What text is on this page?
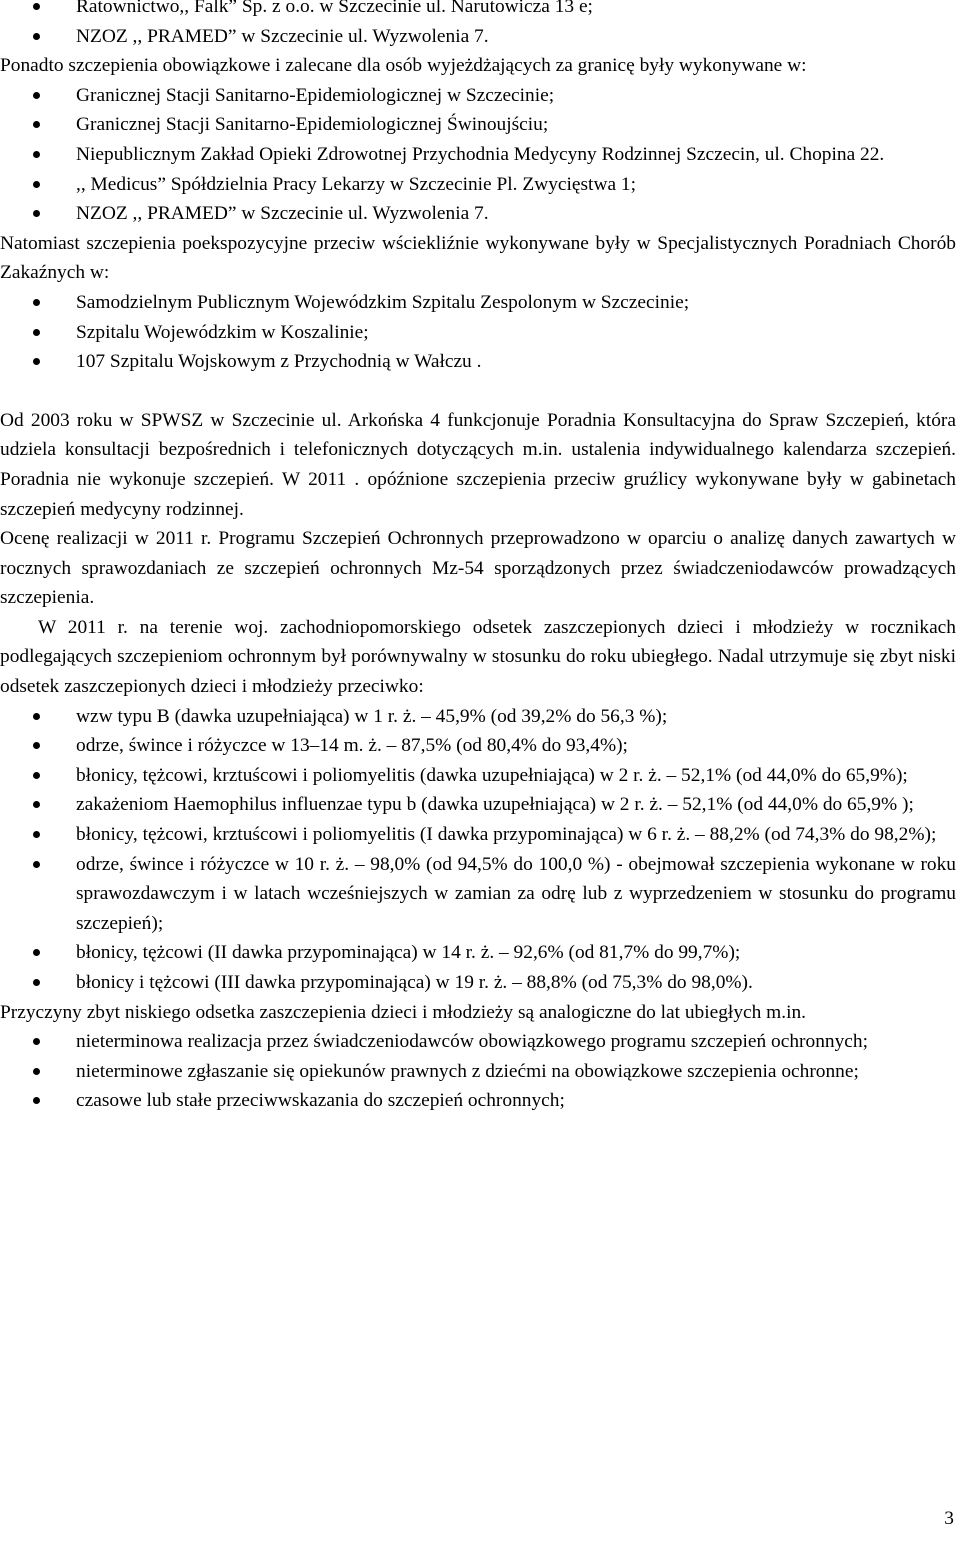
Ratownictwo,, Falk” Sp. z o.o. w Szczecinie ul. Narutowicza 13 e;
NZOZ ,, PRAMED” w Szczecinie ul. Wyzwolenia 7.

Ponadto szczepienia obowiązkowe i zalecane dla osób wyjeżdżających za granicę były wykonywane w:

Granicznej Stacji Sanitarno-Epidemiologicznej w Szczecinie;
Granicznej Stacji Sanitarno-Epidemiologicznej Świnoujściu;
Niepublicznym Zakład Opieki Zdrowotnej Przychodnia Medycyny Rodzinnej Szczecin, ul. Chopina 22.
,, Medicus” Spółdzielnia Pracy Lekarzy w Szczecinie Pl. Zwycięstwa 1;
NZOZ ,, PRAMED” w Szczecinie ul. Wyzwolenia 7.

Natomiast szczepienia poekspozycyjne przeciw wściekliźnie wykonywane były w Specjalistycznych Poradniach Chorób Zakaźnych w:

Samodzielnym Publicznym Wojewódzkim Szpitalu Zespolonym w Szczecinie;
Szpitalu Wojewódzkim w Koszalinie;
107 Szpitalu Wojskowym z Przychodnią w Wałczu .

Od 2003 roku w SPWSZ w Szczecinie ul. Arkońska 4 funkcjonuje Poradnia Konsultacyjna do Spraw Szczepień, która udziela konsultacji bezpośrednich i telefonicznych dotyczących m.in. ustalenia indywidualnego kalendarza szczepień. Poradnia nie wykonuje szczepień. W 2011 . opóźnione szczepienia przeciw gruźlicy wykonywane były w gabinetach szczepień medycyny rodzinnej.

Ocenę realizacji w 2011 r. Programu Szczepień Ochronnych przeprowadzono w oparciu o analizę danych zawartych w rocznych sprawozdaniach ze szczepień ochronnych Mz-54 sporządzonych przez świadczeniodawców prowadzących szczepienia.

W 2011 r. na terenie woj. zachodniopomorskiego odsetek zaszczepionych dzieci i młodzieży w rocznikach podlegających szczepieniom ochronnym był porównywalny w stosunku do roku ubiegłego. Nadal utrzymuje się zbyt niski odsetek zaszczepionych dzieci i młodzieży przeciwko:

wzw typu B (dawka uzupełniająca) w 1 r. ż. – 45,9% (od 39,2% do 56,3 %);
odrze, śwince i różyczce w 13–14 m. ż. – 87,5% (od 80,4% do 93,4%);
błonicy, tężcowi, krztuścowi i poliomyelitis (dawka uzupełniająca) w 2 r. ż. – 52,1% (od 44,0% do 65,9%);
zakażeniom Haemophilus influenzae typu b (dawka uzupełniająca) w 2 r. ż. – 52,1% (od 44,0% do 65,9% );
błonicy, tężcowi, krztuścowi i poliomyelitis (I dawka przypominająca) w 6 r. ż. – 88,2% (od 74,3% do 98,2%);
odrze, śwince i różyczce w 10 r. ż. – 98,0% (od 94,5% do 100,0 %) - obejmował szczepienia wykonane w roku sprawozdawczym i w latach wcześniejszych w zamian za odrę lub z wyprzedzeniem w stosunku do programu szczepień);
błonicy, tężcowi (II dawka przypominająca) w 14 r. ż. – 92,6% (od 81,7% do 99,7%);
błonicy i tężcowi (III dawka przypominająca) w 19 r. ż. – 88,8% (od 75,3% do 98,0%).

Przyczyny zbyt niskiego odsetka zaszczepienia dzieci i młodzieży są analogiczne do lat ubiegłych m.in.

nieterminowa realizacja przez świadczeniodawców obowiązkowego programu szczepień ochronnych;
nieterminowe zgłaszanie się opiekunów prawnych z dziećmi na obowiązkowe szczepienia ochronne;
czasowe lub stałe przeciwwskazania do szczepień ochronnych;
3
